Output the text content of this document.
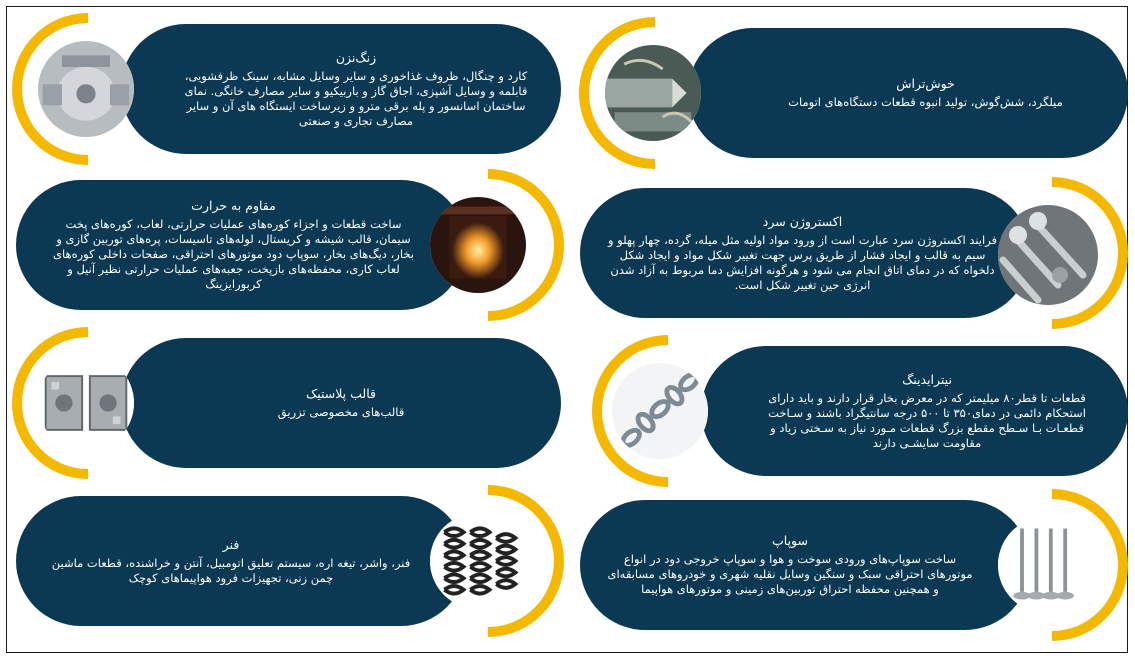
خوش‌تراش

میلگرد، شش‌گوش، تولید انبوه قطعات دستگاه‌های اتومات

زنگ‌نزن

کارد و چنگال، ظروف غذاخوری و سایر وسایل مشابه، سینک ظرفشویی، قابلمه و وسایل آشپزی، اجاق گاز و باربیکیو و سایر مصارف خانگی. نمای ساختمان اسانسور و پله برقی مترو و زیرساخت ایستگاه های آن و سایر مصارف تجاری و صنعتی

اکستروژن سرد

فرایند اکستروژن سرد عبارت است از ورود مواد اولیه مثل میله، گرده، چهار پهلو و سیم به قالب و ایجاد فشار از طریق پرس جهت تغییر شکل مواد و ایجاد شکل دلخواه که در دمای اتاق انجام می شود و هرگونه افزایش دما مربوط به آزاد شدن انرژی حین تغییر شکل است.

مقاوم به حرارت

ساخت قطعات و اجزاء کوره‌های عملیات حرارتی، لعاب، کوره‌های پخت سیمان، قالب شیشه و کریستال، لوله‌های تاسیسات، پره‌های توربین گازی و بخار، دیگ‌های بخار، سوپاپ دود موتورهای احتراقی، صفحات داخلی کوره‌های لعاب کاری، محفظه‌های بازپخت، جعبه‌های عملیات حرارتی نظیر آنیل و کربورایزینگ

نیترایدینگ

قطعات تا قطر۸۰ میلیمتر که در معرض بخار قرار دارند و باید دارای استحکام دائمی در دمای۳۵۰ تا ۵۰۰ درجه سانتیگراد باشند و سـاخت قطعـات بـا سـطح مقطع بزرگ قطعات مـورد نیاز به سـختی زیاد و مقاومت سایشـی دارند

قالب پلاستیک

قالب‌های مخصوصی تزریق

سوپاپ

ساخت سوپاپ‌های ورودی سوخت و هوا و سوپاپ خروجی دود در انواع موتورهای احتراقی سبک و سنگین وسایل نقلیه شهری و خودروهای مسابقه‌ای و همچنین محفظه احتراق توربین‌های زمینی و موتورهای هواپیما

فنر

فنر، واشر، تیغه اره، سیستم تعلیق اتومبیل، آنتن و خراشنده، قطعات ماشین چمن زنی، تجهیزات فرود هواپیماهای کوچک
